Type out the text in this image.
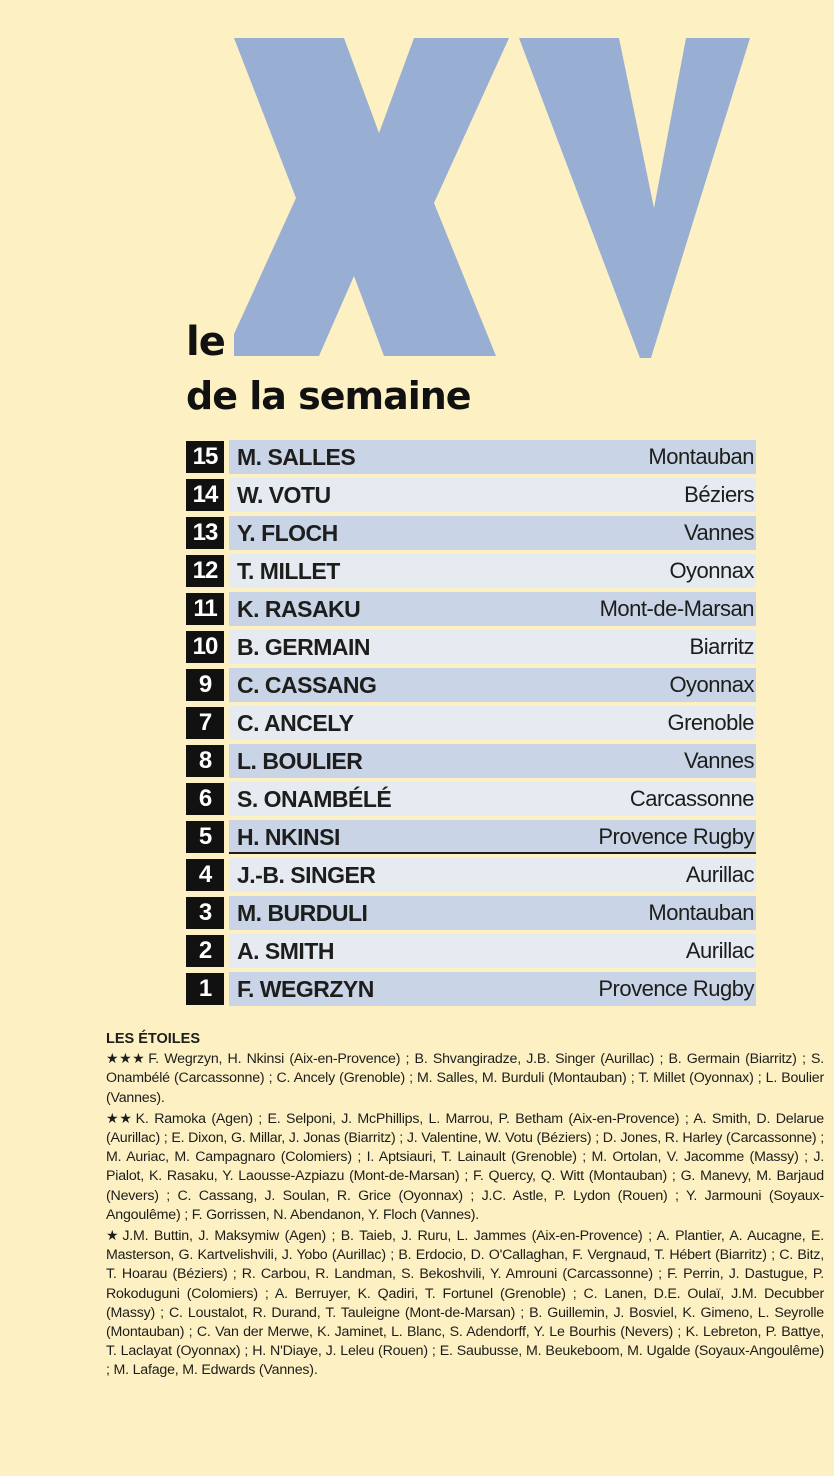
le
de la semaine
15 M. SALLES	Montauban
14 W. VOTU	Béziers
13 Y. FLOCH	Vannes
12 T. MILLET	Oyonnax
11 K. RASAKU	Mont-de-Marsan
10 B. GERMAIN	Biarritz
9	C. CASSANG	Oyonnax
7	C. ANCELY	Grenoble
8	L. BOULIER	Vannes
6	S. ONAMBÉLÉ	Carcassonne
5	H. NKINSI	Provence Rugby
4	J.-B. SINGER	Aurillac
3	M. BURDULI	Montauban
2	A. SMITH	Aurillac
1	F. WEGRZYN	Provence Rugby
LES ÉTOILES

★★★ F. Wegrzyn, H. Nkinsi (Aix-en-Provence) ; B. Shvangiradze, J.B. Singer (Aurillac) ; B. Germain (Biarritz) ; S. Onambélé (Carcassonne) ; C. Ancely (Grenoble) ; M. Salles, M. Burduli (Montauban) ; T. Millet (Oyonnax) ; L. Boulier (Vannes).

★★ K. Ramoka (Agen) ; E. Selponi, J. McPhillips, L. Marrou, P. Betham (Aix-en-Provence) ; A. Smith, D. Delarue (Aurillac) ; E. Dixon, G. Millar, J. Jonas (Biarritz) ; J. Valentine, W. Votu (Béziers) ; D. Jones, R. Harley (Carcassonne) ; M. Auriac, M. Campagnaro (Colomiers) ; I. Aptsiauri, T. Lainault (Grenoble) ; M. Ortolan, V. Jacomme (Massy) ; J. Pialot, K. Rasaku, Y. Laousse-Azpiazu (Mont-de-Marsan) ; F. Quercy, Q. Witt (Montauban) ; G. Manevy, M. Barjaud (Nevers) ; C. Cassang, J. Soulan, R. Grice (Oyonnax) ; J.C. Astle, P. Lydon (Rouen) ; Y. Jarmouni (Soyaux-Angoulême) ; F. Gorrissen, N. Abendanon, Y. Floch (Vannes).

★ J.M. Buttin, J. Maksymiw (Agen) ; B. Taieb, J. Ruru, L. Jammes (Aix-en-Provence) ; A. Plantier, A. Aucagne, E. Masterson, G. Kartvelishvili, J. Yobo (Aurillac) ; B. Erdocio, D. O'Callaghan, F. Vergnaud, T. Hébert (Biarritz) ; C. Bitz, T. Hoarau (Béziers) ; R. Carbou, R. Landman, S. Bekoshvili, Y. Amrouni (Carcassonne) ; F. Perrin, J. Dastugue, P. Rokoduguni (Colomiers) ; A. Berruyer, K. Qadiri, T. Fortunel (Grenoble) ; C. Lanen, D.E. Oulaï, J.M. Decubber (Massy) ; C. Loustalot, R. Durand, T. Tauleigne (Mont-de-Marsan) ; B. Guillemin, J. Bosviel, K. Gimeno, L. Seyrolle (Montauban) ; C. Van der Merwe, K. Jaminet, L. Blanc, S. Adendorff, Y. Le Bourhis (Nevers) ; K. Lebreton, P. Battye, T. Laclayat (Oyonnax) ; H. N'Diaye, J. Leleu (Rouen) ; E. Saubusse, M. Beukeboom, M. Ugalde (Soyaux-Angoulême) ; M. Lafage, M. Edwards (Vannes).
